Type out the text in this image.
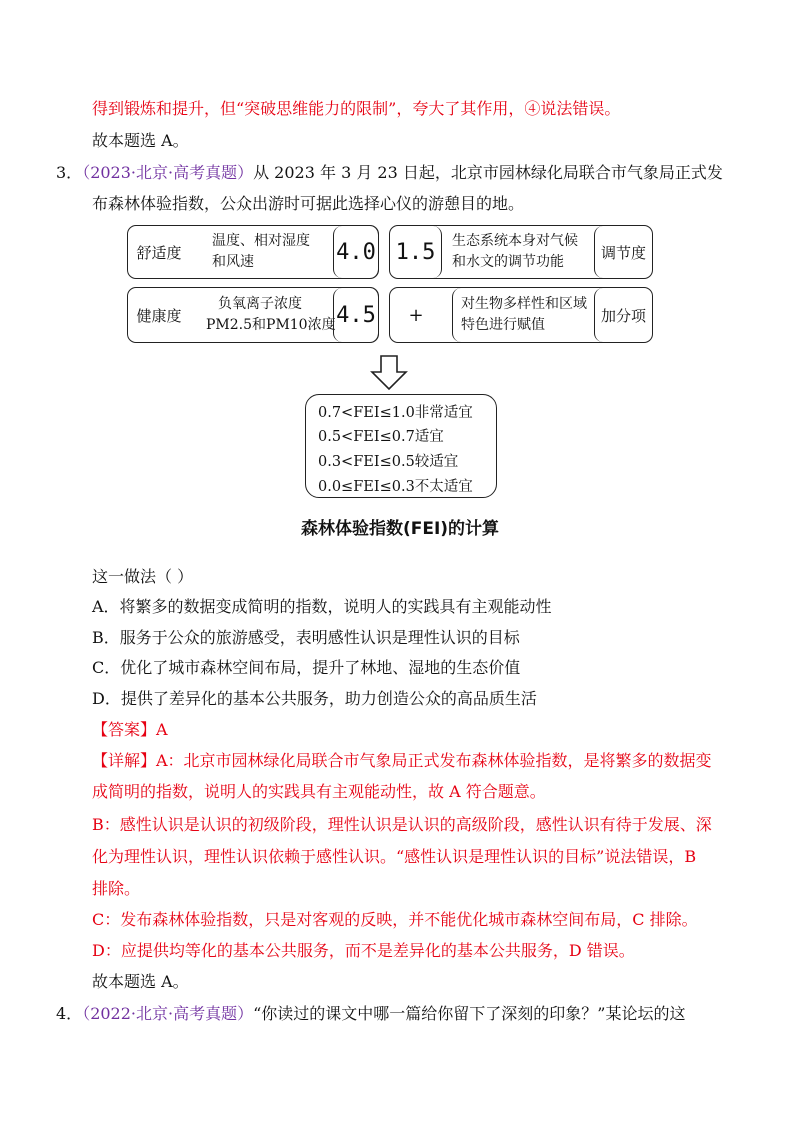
得到锻炼和提升，但“突破思维能力的限制”，夸大了其作用，④说法错误。
故本题选 A。
3．（2023·北京·高考真题）从 2023 年 3 月 23 日起，北京市园林绿化局联合市气象局正式发
布森林体验指数，公众出游时可据此选择心仪的游憩目的地。
舒适度
温度、相对湿度
和风速	4.0 1.5	生态系统本身对气候
和水文的调节功能
调节度
健康度
负氧离子浓度
PM2.5和PM10浓度 4.5	+
对生物多样性和区域
特色进行赋值
加分项
0.7<FEI≤1.0非常适宜
0.5<FEI≤0.7适宜
0.3<FEI≤0.5较适宜
0.0≤FEI≤0.3不太适宜
森林体验指数(FEI)的计算
这一做法（ ）
A．将繁多的数据变成简明的指数，说明人的实践具有主观能动性
B．服务于公众的旅游感受，表明感性认识是理性认识的目标
C．优化了城市森林空间布局，提升了林地、湿地的生态价值
D．提供了差异化的基本公共服务，助力创造公众的高品质生活
【答案】A
【详解】A：北京市园林绿化局联合市气象局正式发布森林体验指数，是将繁多的数据变
成简明的指数，说明人的实践具有主观能动性，故 A 符合题意。
B：感性认识是认识的初级阶段，理性认识是认识的高级阶段，感性认识有待于发展、深
化为理性认识，理性认识依赖于感性认识。“感性认识是理性认识的目标”说法错误，B
排除。
C：发布森林体验指数，只是对客观的反映，并不能优化城市森林空间布局，C 排除。
D：应提供均等化的基本公共服务，而不是差异化的基本公共服务，D 错误。
故本题选 A。
4．（2022·北京·高考真题）“你读过的课文中哪一篇给你留下了深刻的印象？”某论坛的这
